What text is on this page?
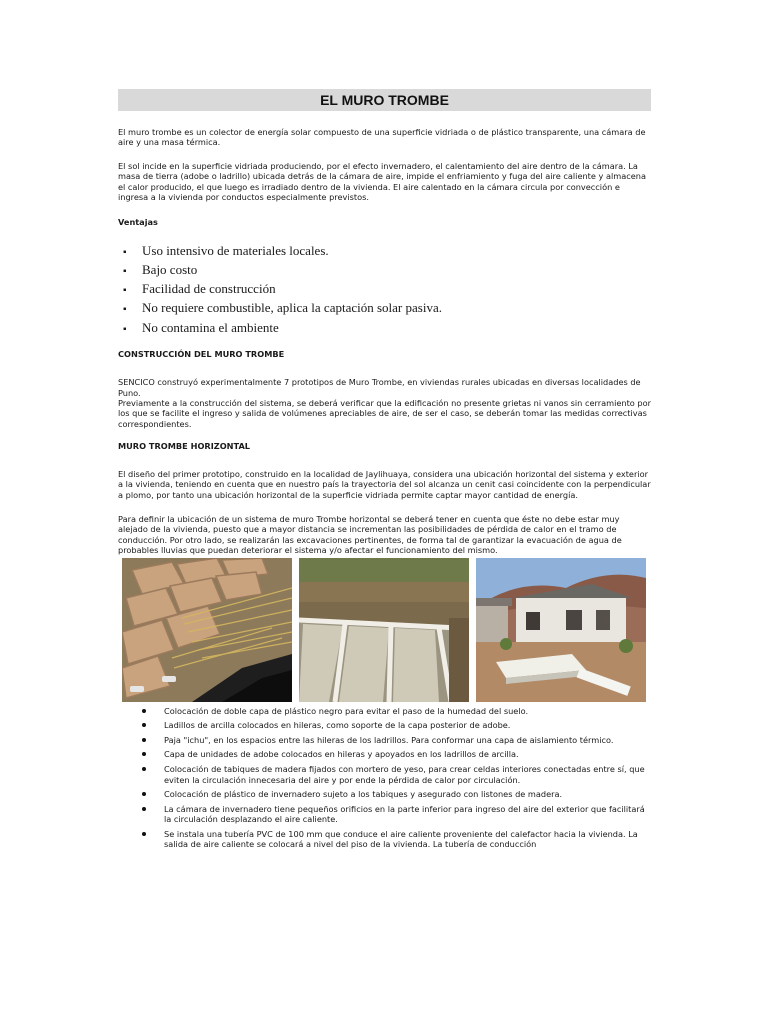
EL MURO TROMBE

El muro trombe es un colector de energía solar compuesto de una superficie vidriada o de plástico transparente, una cámara de aire y una masa térmica.

El sol incide en la superficie vidriada produciendo, por el efecto invernadero, el calentamiento del aire dentro de la cámara. La masa de tierra (adobe o ladrillo) ubicada detrás de la cámara de aire, impide el enfriamiento y fuga del aire caliente y almacena el calor producido, el que luego es irradiado dentro de la vivienda. El aire calentado en la cámara circula por convección e ingresa a la vivienda por conductos especialmente previstos.

Ventajas

▪ Uso intensivo de materiales locales.
▪ Bajo costo
▪ Facilidad de construcción
▪ No requiere combustible, aplica la captación solar pasiva.
▪ No contamina el ambiente

CONSTRUCCIÓN DEL MURO TROMBE

SENCICO construyó experimentalmente 7 prototipos de Muro Trombe, en viviendas rurales ubicadas en diversas localidades de Puno.

Previamente a la construcción del sistema, se deberá verificar que la edificación no presente grietas ni vanos sin cerramiento por los que se facilite el ingreso y salida de volúmenes apreciables de aire, de ser el caso, se deberán tomar las medidas correctivas correspondientes.

MURO TROMBE HORIZONTAL

El diseño del primer prototipo, construido en la localidad de Jaylihuaya, considera una ubicación horizontal del sistema y exterior a la vivienda, teniendo en cuenta que en nuestro país la trayectoria del sol alcanza un cenit casi coincidente con la perpendicular a plomo, por tanto una ubicación horizontal de la superficie vidriada permite captar mayor cantidad de energía.

Para definir la ubicación de un sistema de muro Trombe horizontal se deberá tener en cuenta que éste no debe estar muy alejado de la vivienda, puesto que a mayor distancia se incrementan las posibilidades de pérdida de calor en el tramo de conducción. Por otro lado, se realizarán las excavaciones pertinentes, de forma tal de garantizar la evacuación de agua de probables lluvias que puedan deteriorar el sistema y/o afectar el funcionamiento del mismo.

Colocación de doble capa de plástico negro para evitar el paso de la humedad del suelo.
Ladillos de arcilla colocados en hileras, como soporte de la capa posterior de adobe.
Paja "ichu", en los espacios entre las hileras de los ladrillos. Para conformar una capa de aislamiento térmico.
Capa de unidades de adobe colocados en hileras y apoyados en los ladrillos de arcilla.
Colocación de tabiques de madera fijados con mortero de yeso, para crear celdas interiores conectadas entre sí, que eviten la circulación innecesaria del aire y por ende la pérdida de calor por circulación.
Colocación de plástico de invernadero sujeto a los tabiques y asegurado con listones de madera.
La cámara de invernadero tiene pequeños orificios en la parte inferior para ingreso del aire del exterior que facilitará la circulación desplazando el aire caliente.
Se instala una tubería PVC de 100 mm que conduce el aire caliente proveniente del calefactor hacia la vivienda. La salida de aire caliente se colocará a nivel del piso de la vivienda. La tubería de conducción
